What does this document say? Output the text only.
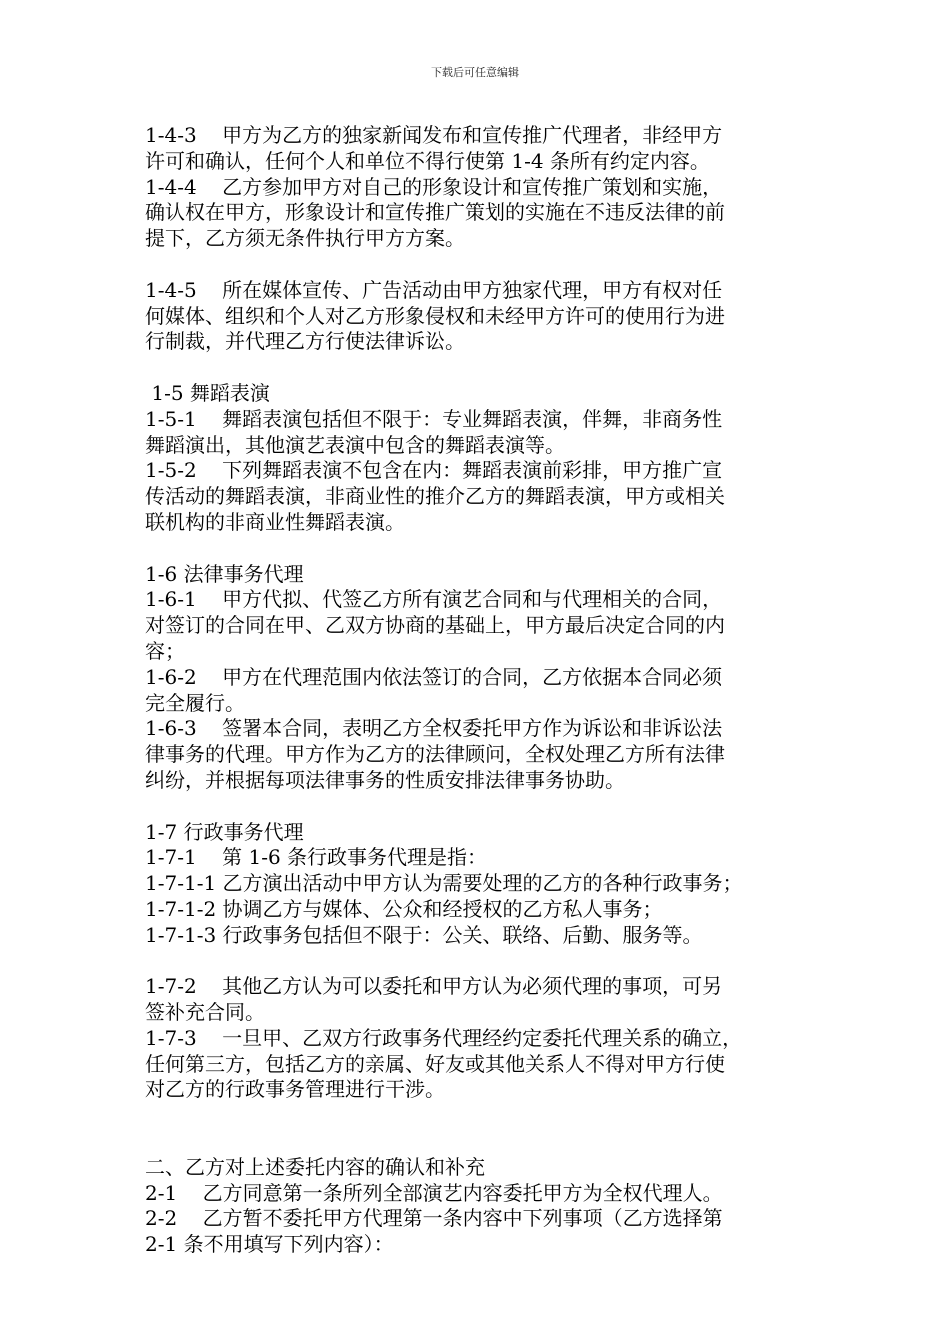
下载后可任意编辑
1-4-3    甲方为乙方的独家新闻发布和宣传推广代理者，非经甲方
许可和确认，任何个人和单位不得行使第 1-4 条所有约定内容。
1-4-4    乙方参加甲方对自己的形象设计和宣传推广策划和实施，
确认权在甲方，形象设计和宣传推广策划的实施在不违反法律的前
提下，乙方须无条件执行甲方方案。
1-4-5    所在媒体宣传、广告活动由甲方独家代理，甲方有权对任
何媒体、组织和个人对乙方形象侵权和未经甲方许可的使用行为进
行制裁，并代理乙方行使法律诉讼。
1-5 舞蹈表演
1-5-1    舞蹈表演包括但不限于：专业舞蹈表演，伴舞，非商务性
舞蹈演出，其他演艺表演中包含的舞蹈表演等。
1-5-2    下列舞蹈表演不包含在内：舞蹈表演前彩排，甲方推广宣
传活动的舞蹈表演，非商业性的推介乙方的舞蹈表演，甲方或相关
联机构的非商业性舞蹈表演。
1-6 法律事务代理
1-6-1    甲方代拟、代签乙方所有演艺合同和与代理相关的合同，
对签订的合同在甲、乙双方协商的基础上，甲方最后决定合同的内
容；
1-6-2    甲方在代理范围内依法签订的合同，乙方依据本合同必须
完全履行。
1-6-3    签署本合同，表明乙方全权委托甲方作为诉讼和非诉讼法
律事务的代理。甲方作为乙方的法律顾问，全权处理乙方所有法律
纠纷，并根据每项法律事务的性质安排法律事务协助。
1-7 行政事务代理
1-7-1    第 1-6 条行政事务代理是指：
1-7-1-1 乙方演出活动中甲方认为需要处理的乙方的各种行政事务；
1-7-1-2 协调乙方与媒体、公众和经授权的乙方私人事务；
1-7-1-3 行政事务包括但不限于：公关、联络、后勤、服务等。
1-7-2    其他乙方认为可以委托和甲方认为必须代理的事项，可另
签补充合同。
1-7-3    一旦甲、乙双方行政事务代理经约定委托代理关系的确立，
任何第三方，包括乙方的亲属、好友或其他关系人不得对甲方行使
对乙方的行政事务管理进行干涉。
二、乙方对上述委托内容的确认和补充
2-1    乙方同意第一条所列全部演艺内容委托甲方为全权代理人。
2-2    乙方暂不委托甲方代理第一条内容中下列事项（乙方选择第
2-1 条不用填写下列内容）：
